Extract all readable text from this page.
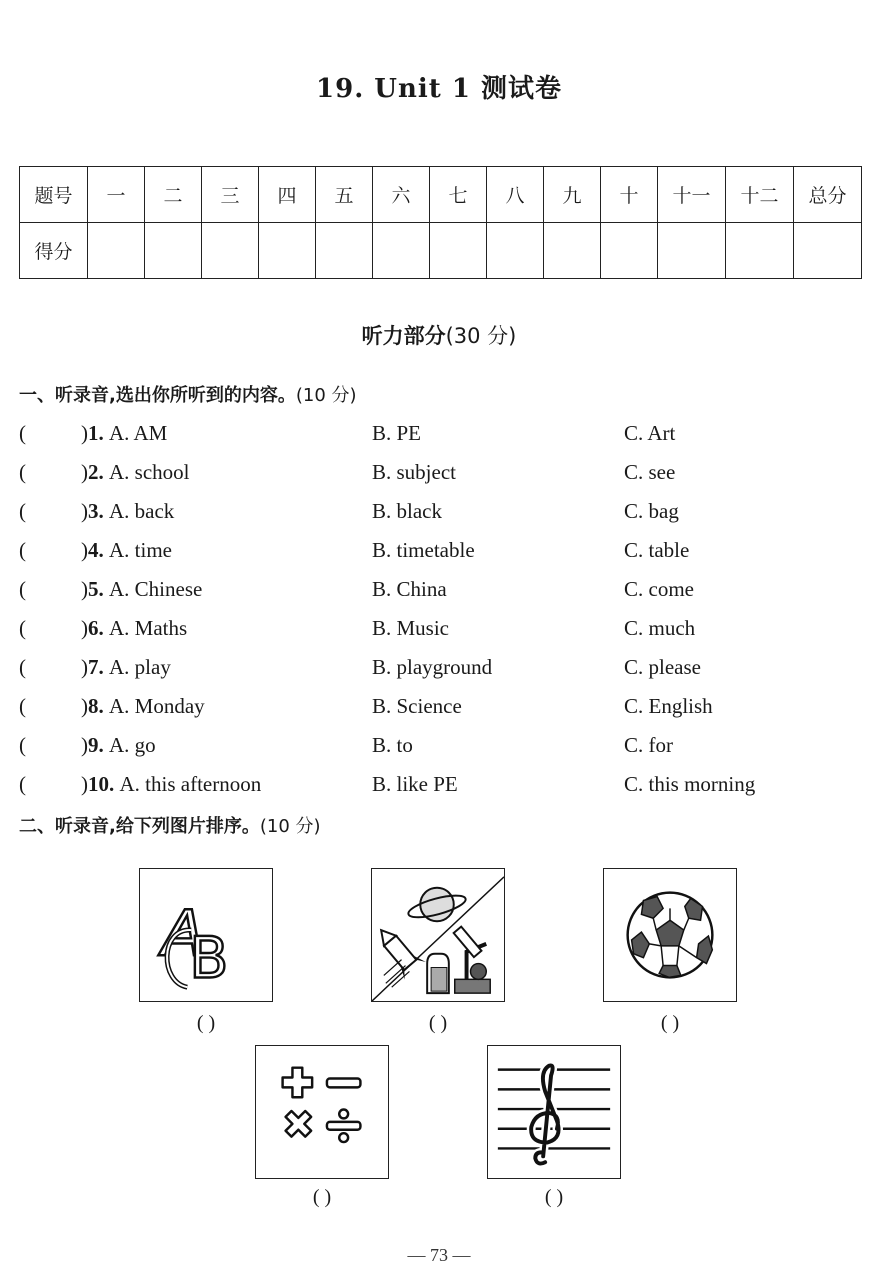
19. Unit 1 测试卷
题号	一	二	三	四	五	六	七	八	九	十	十一	十二	总分
得分													
听力部分(30 分)
一、听录音,选出你所听到的内容。(10 分)
(	)1. A. AM	B. PE	C. Art
(	)2. A. school	B. subject	C. see
(	)3. A. back	B. black	C. bag
(	)4. A. time	B. timetable	C. table
(	)5. A. Chinese	B. China	C. come
(	)6. A. Maths	B. Music	C. much
(	)7. A. play	B. playground	C. please
(	)8. A. Monday	B. Science	C. English
(	)9. A. go	B. to	C. for
(	)10. A. this afternoon	B. like PE	C. this morning
二、听录音,给下列图片排序。(10 分)
A
B
( )	( )	( )
( )	( )
— 73 —
